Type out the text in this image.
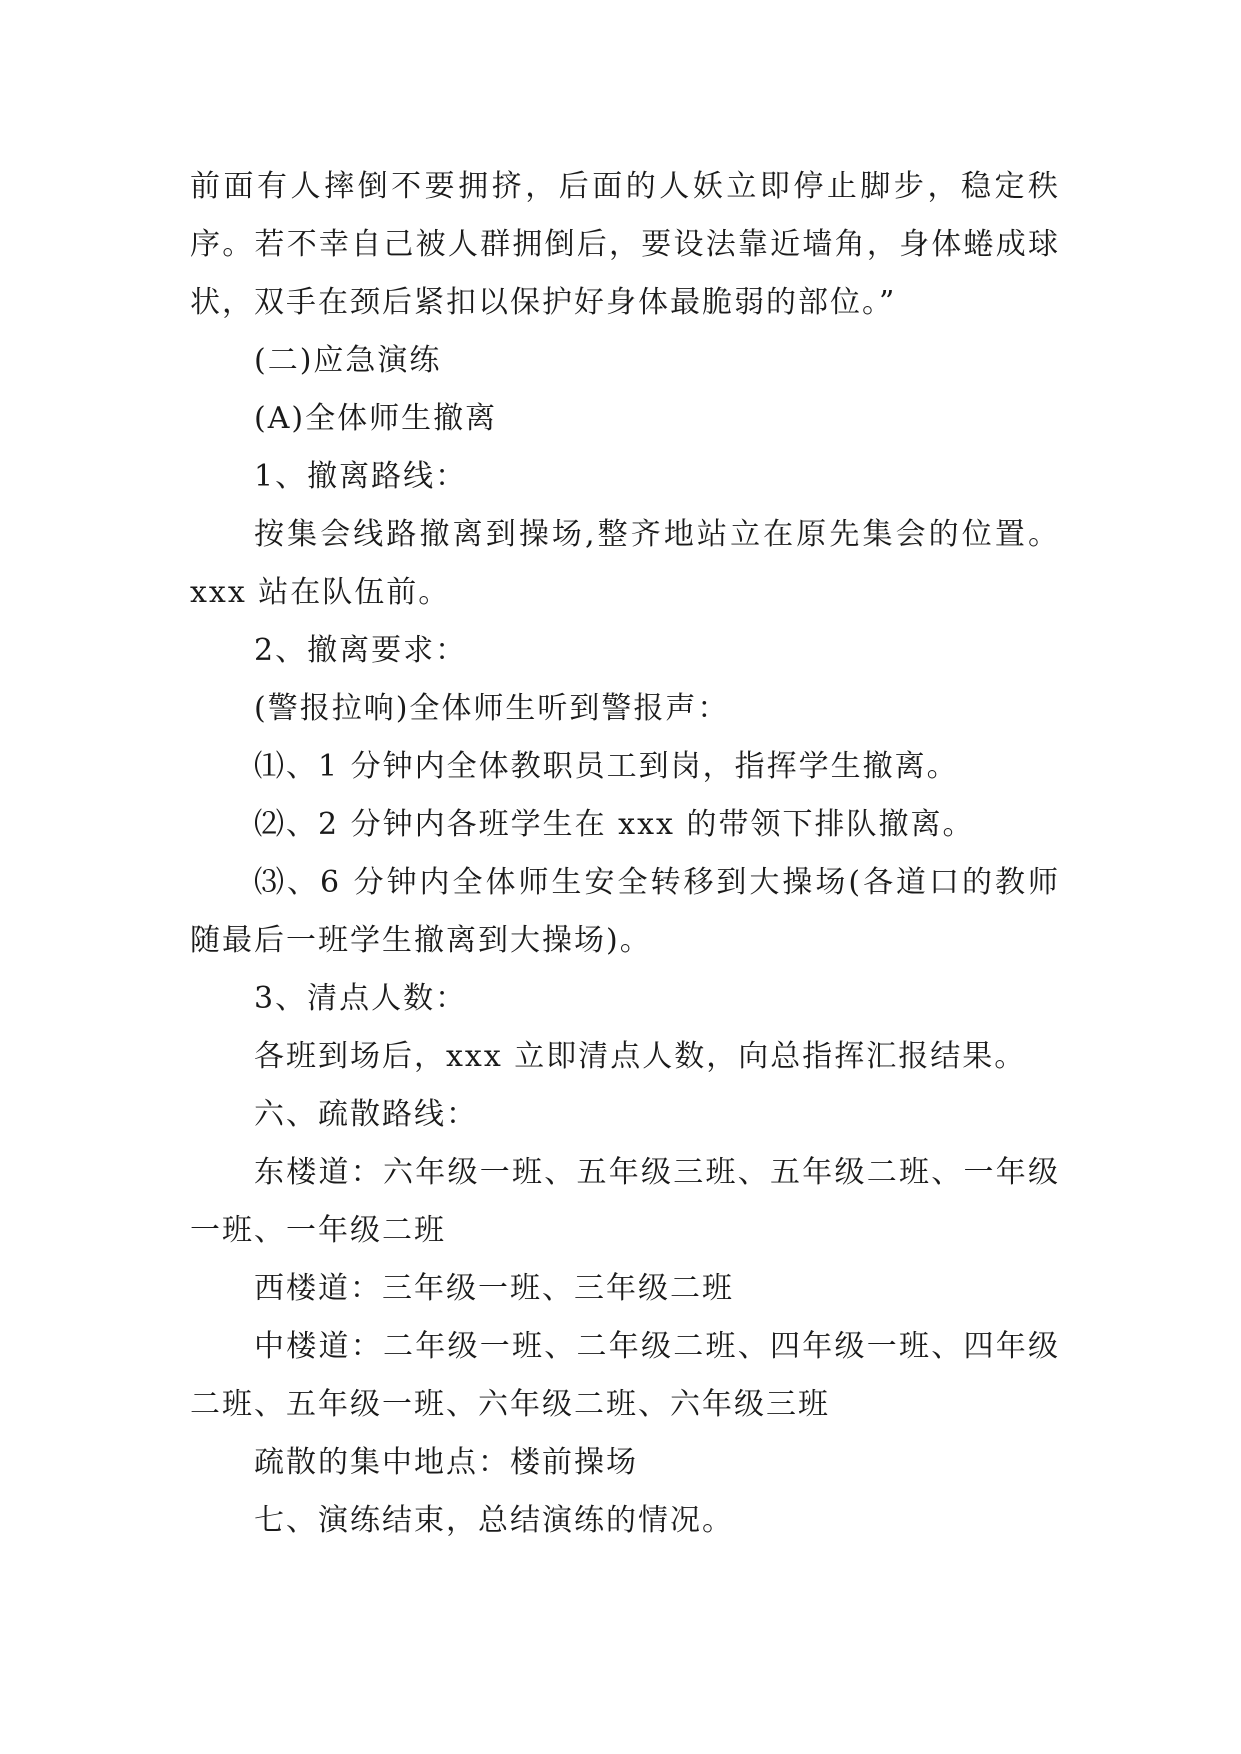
前面有人摔倒不要拥挤，后面的人妖立即停止脚步，稳定秩序。若不幸自己被人群拥倒后，要设法靠近墙角，身体蜷成球状，双手在颈后紧扣以保护好身体最脆弱的部位。”

(二)应急演练

(A)全体师生撤离

1、撤离路线：

按集会线路撤离到操场,整齐地站立在原先集会的位置。xxx 站在队伍前。

2、撤离要求：

(警报拉响)全体师生听到警报声：

⑴、1 分钟内全体教职员工到岗，指挥学生撤离。

⑵、2 分钟内各班学生在 xxx 的带领下排队撤离。

⑶、6 分钟内全体师生安全转移到大操场(各道口的教师随最后一班学生撤离到大操场)。

3、清点人数：

各班到场后，xxx 立即清点人数，向总指挥汇报结果。

六、疏散路线：

东楼道：六年级一班、五年级三班、五年级二班、一年级一班、一年级二班

西楼道：三年级一班、三年级二班

中楼道：二年级一班、二年级二班、四年级一班、四年级二班、五年级一班、六年级二班、六年级三班

疏散的集中地点：楼前操场

七、演练结束，总结演练的情况。
